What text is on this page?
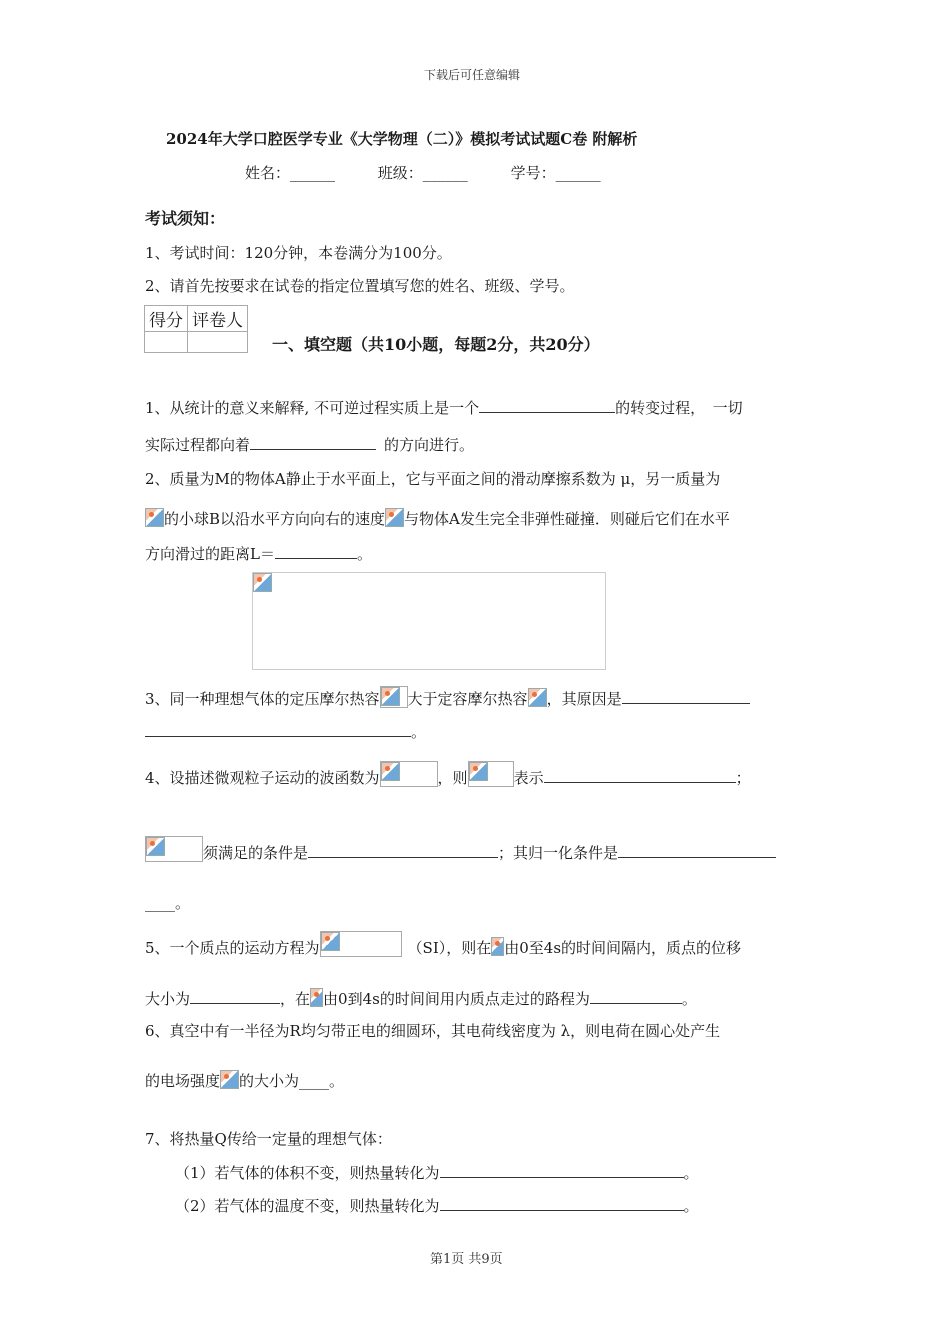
下载后可任意编辑
2024年大学口腔医学专业《大学物理（二）》模拟考试试题C卷 附解析
姓名：______	班级：______	学号：______
考试须知：
1、考试时间：120分钟，本卷满分为100分。
2、请首先按要求在试卷的指定位置填写您的姓名、班级、学号。
得分	评卷人

一、填空题（共10小题，每题2分，共20分）
1、从统计的意义来解释, 不可逆过程实质上是一个	的转变过程，　一切
实际过程都向着	的方向进行。
2、质量为M的物体A静止于水平面上，它与平面之间的滑动摩擦系数为 μ，另一质量为
的小球B以沿水平方向向右的速度 与物体A发生完全非弹性碰撞．则碰后它们在水平
方向滑过的距离L＝	。
3、同一种理想气体的定压摩尔热容 大于定容摩尔热容 ，其原因是
。
4、设描述微观粒子运动的波函数为	，则	表示	；
须满足的条件是	；其归一化条件是
____。
5、一个质点的运动方程为	（SI），则在 由0至4s的时间间隔内，质点的位移
大小为	，在 由0到4s的时间间用内质点走过的路程为	。
6、真空中有一半径为R均匀带正电的细圆环，其电荷线密度为 λ，则电荷在圆心处产生
的电场强度 的大小为____。
7、将热量Q传给一定量的理想气体：
（1）若气体的体积不变，则热量转化为	。
（2）若气体的温度不变，则热量转化为	。
第1页 共9页
